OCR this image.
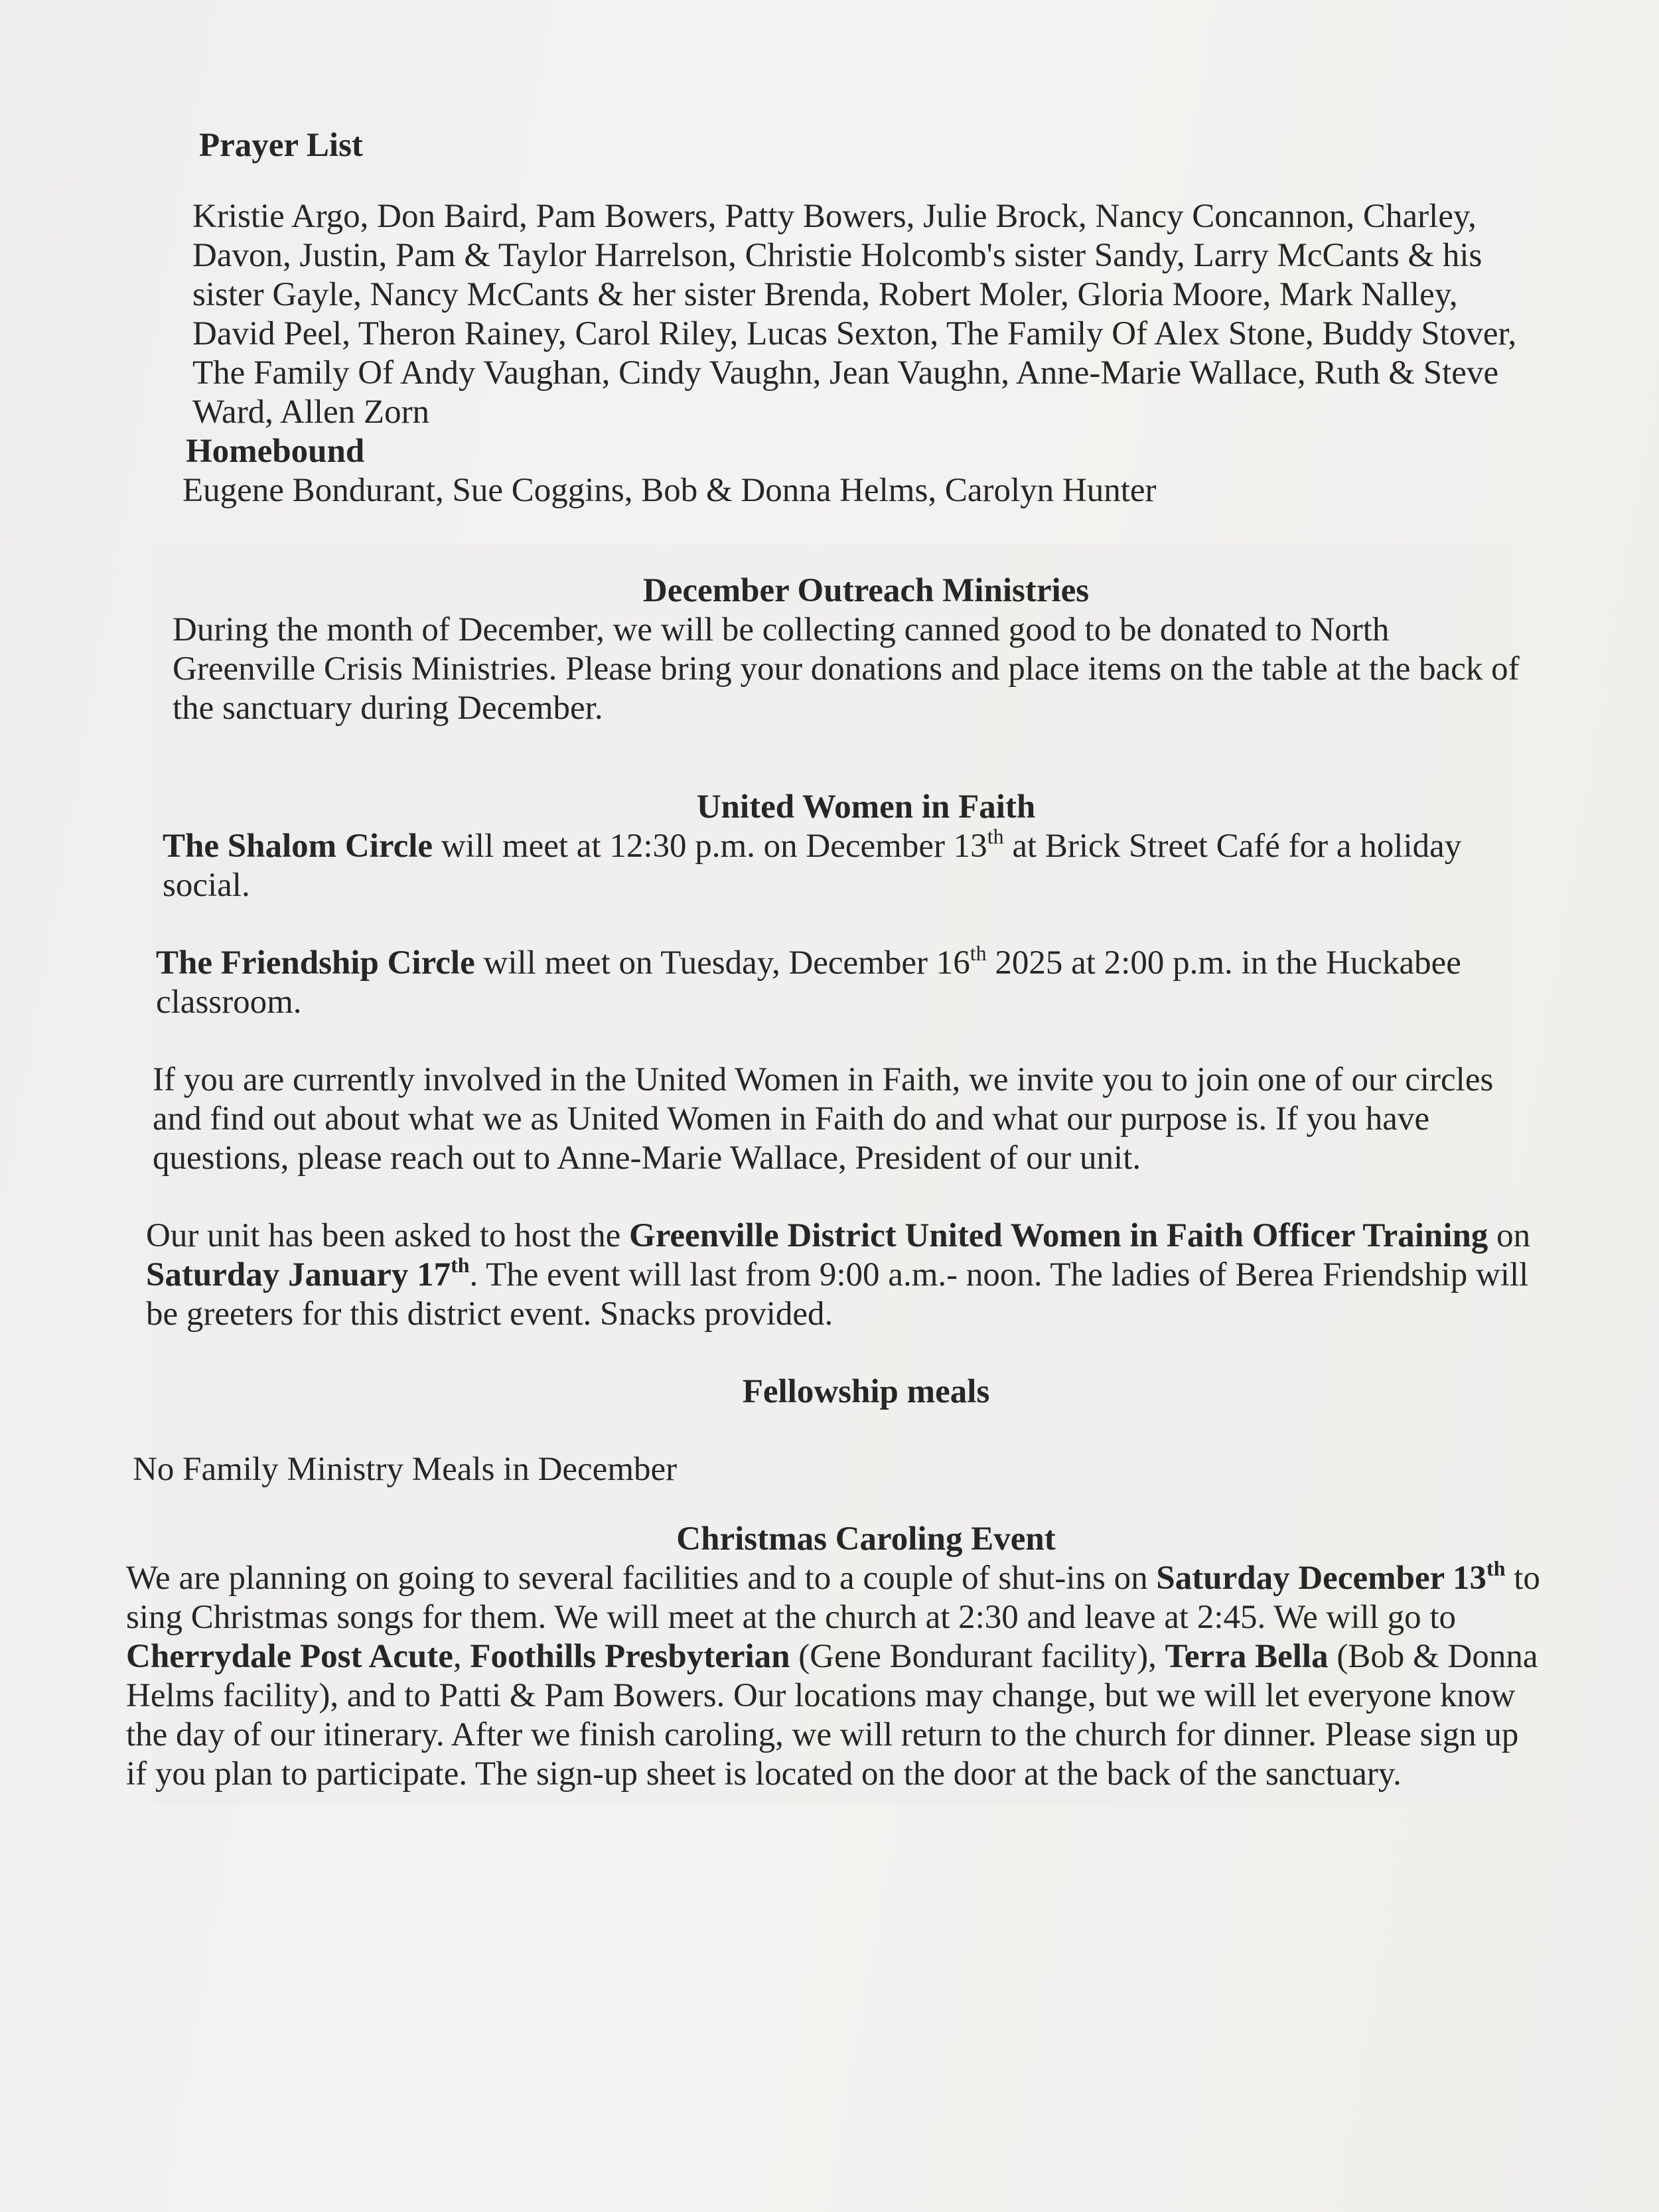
Prayer List

Kristie Argo, Don Baird, Pam Bowers, Patty Bowers, Julie Brock, Nancy Concannon, Charley, Davon, Justin, Pam & Taylor Harrelson, Christie Holcomb's sister Sandy, Larry McCants & his sister Gayle, Nancy McCants & her sister Brenda, Robert Moler, Gloria Moore, Mark Nalley, David Peel, Theron Rainey, Carol Riley, Lucas Sexton, The Family Of Alex Stone, Buddy Stover, The Family Of Andy Vaughan, Cindy Vaughn, Jean Vaughn, Anne-Marie Wallace, Ruth & Steve Ward, Allen Zorn

Homebound

Eugene Bondurant, Sue Coggins, Bob & Donna Helms, Carolyn Hunter

December Outreach Ministries

During the month of December, we will be collecting canned good to be donated to North Greenville Crisis Ministries. Please bring your donations and place items on the table at the back of the sanctuary during December.

United Women in Faith

The Shalom Circle will meet at 12:30 p.m. on December 13th at Brick Street Café for a holiday social.

The Friendship Circle will meet on Tuesday, December 16th 2025 at 2:00 p.m. in the Huckabee classroom.

If you are currently involved in the United Women in Faith, we invite you to join one of our circles and find out about what we as United Women in Faith do and what our purpose is. If you have questions, please reach out to Anne-Marie Wallace, President of our unit.

Our unit has been asked to host the Greenville District United Women in Faith Officer Training on Saturday January 17th. The event will last from 9:00 a.m.- noon. The ladies of Berea Friendship will be greeters for this district event. Snacks provided.

Fellowship meals

No Family Ministry Meals in December

Christmas Caroling Event

We are planning on going to several facilities and to a couple of shut-ins on Saturday December 13th to sing Christmas songs for them. We will meet at the church at 2:30 and leave at 2:45. We will go to Cherrydale Post Acute, Foothills Presbyterian (Gene Bondurant facility), Terra Bella (Bob & Donna Helms facility), and to Patti & Pam Bowers. Our locations may change, but we will let everyone know the day of our itinerary. After we finish caroling, we will return to the church for dinner. Please sign up if you plan to participate. The sign-up sheet is located on the door at the back of the sanctuary.
